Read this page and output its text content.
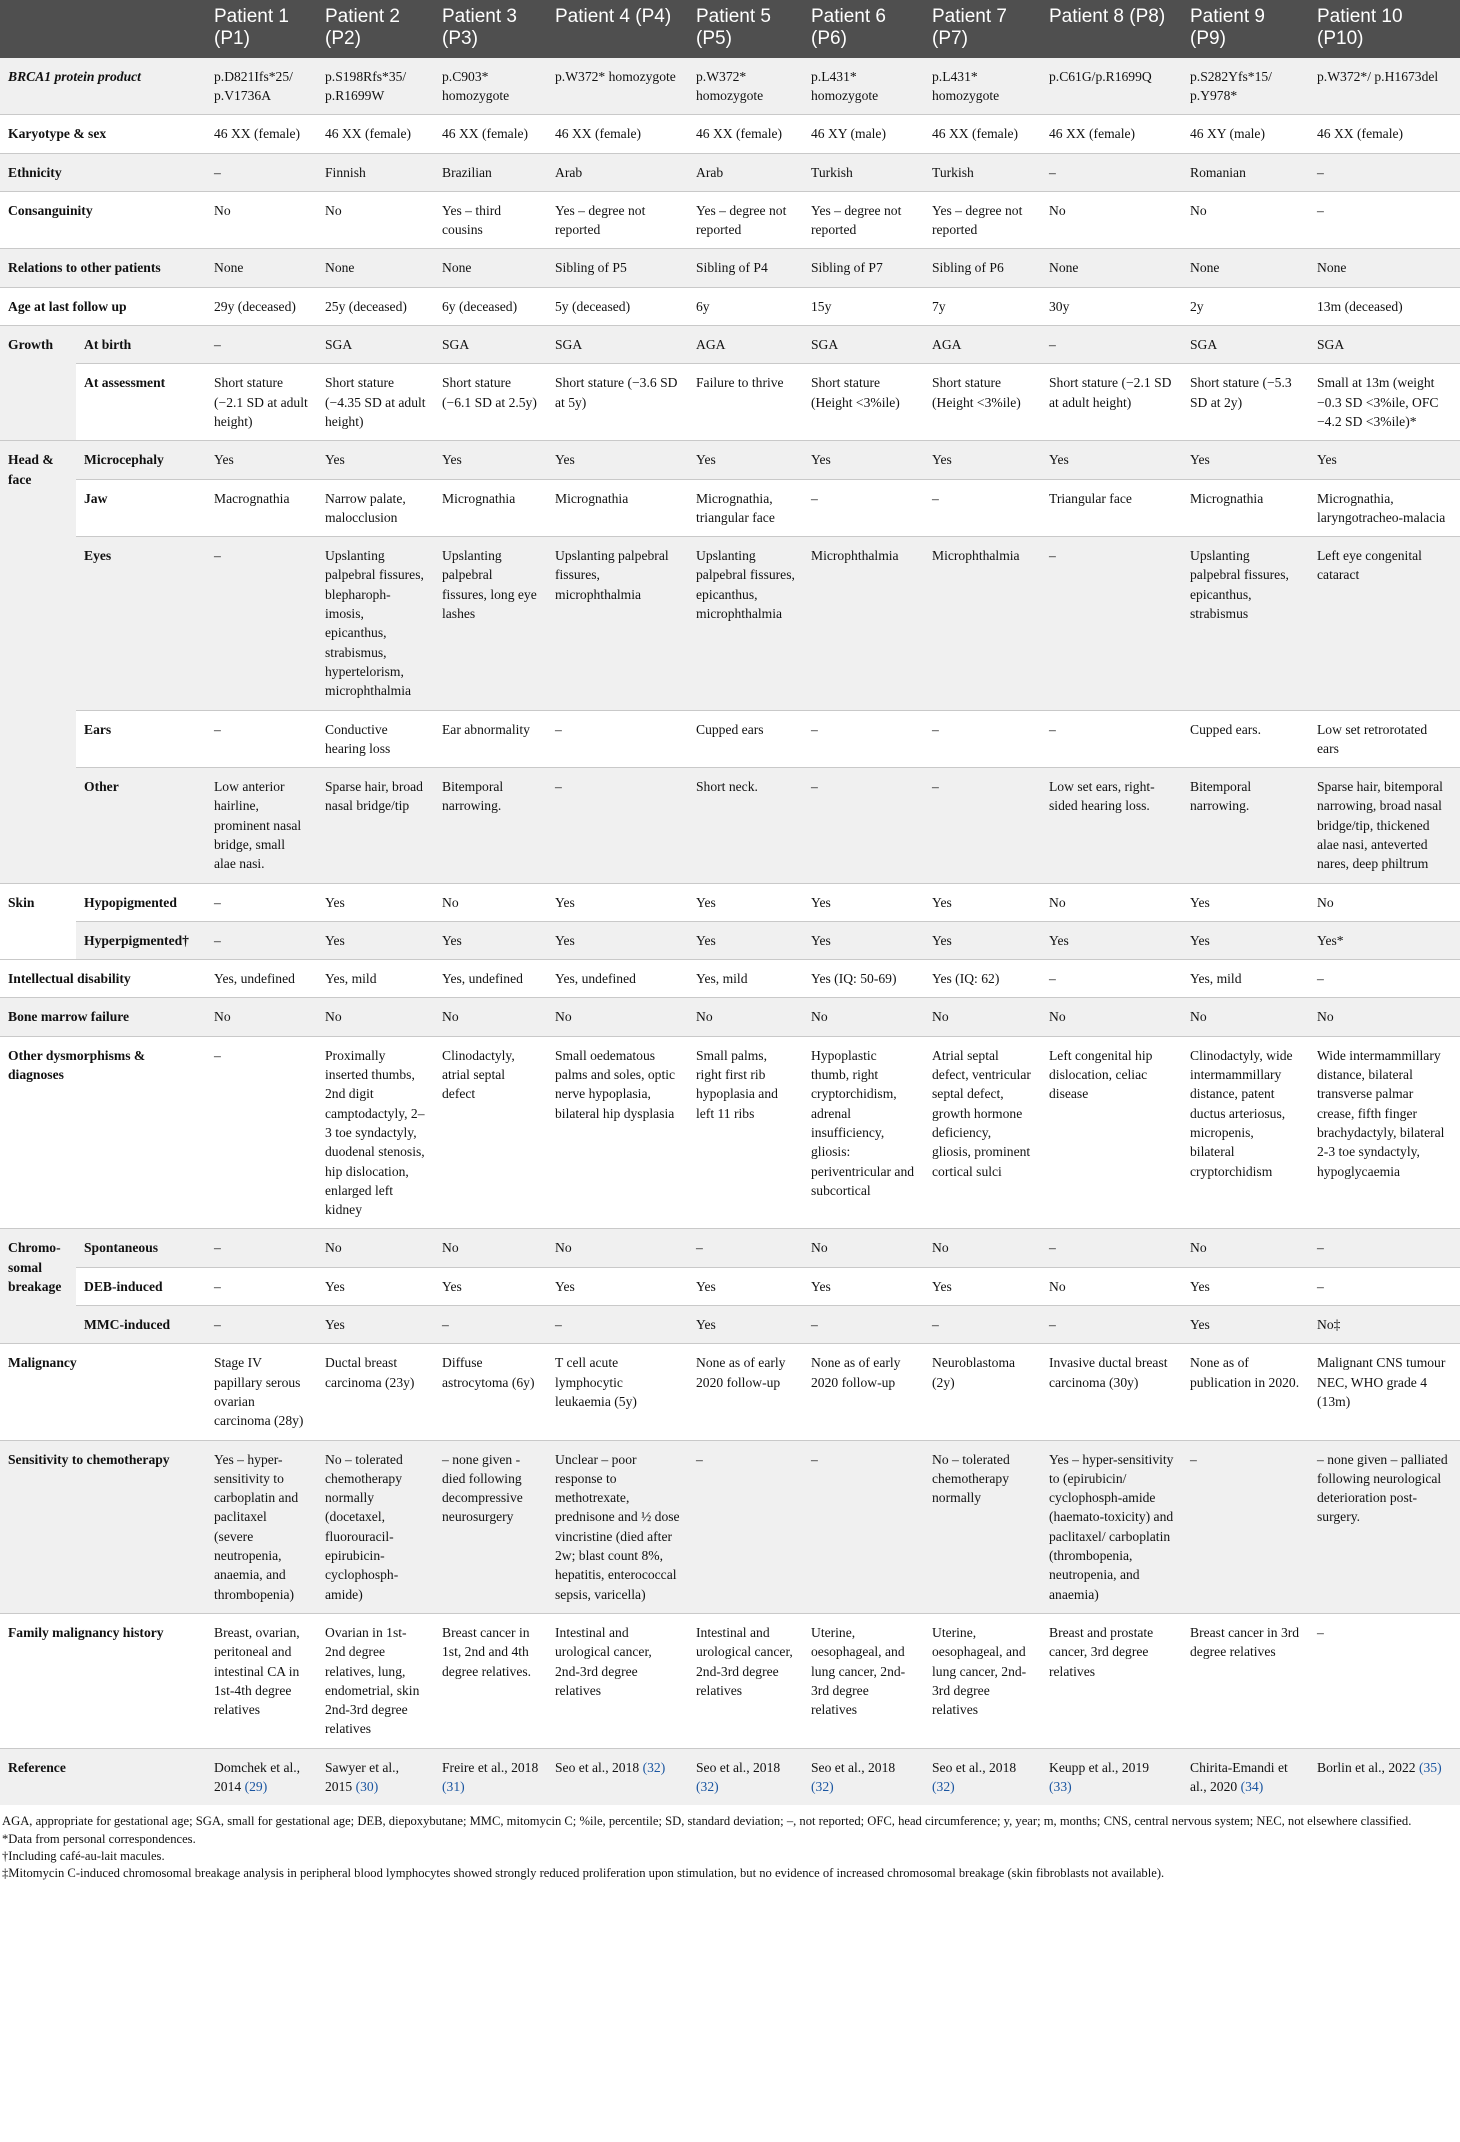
		Patient 1 (P1)	Patient 2 (P2)	Patient 3 (P3)	Patient 4 (P4)	Patient 5 (P5)	Patient 6 (P6)	Patient 7 (P7)	Patient 8 (P8)	Patient 9 (P9)	Patient 10 (P10)
BRCA1 protein product		p.D821Ifs*25/ p.V1736A	p.S198Rfs*35/ p.R1699W	p.C903* homozygote	p.W372* homozygote	p.W372* homozygote	p.L431* homozygote	p.L431* homozygote	p.C61G/p.R1699Q	p.S282Yfs*15/ p.Y978*	p.W372*/ p.H1673del
Karyotype & sex		46 XX (female)	46 XX (female)	46 XX (female)	46 XX (female)	46 XX (female)	46 XY (male)	46 XX (female)	46 XX (female)	46 XY (male)	46 XX (female)
Ethnicity		–	Finnish	Brazilian	Arab	Arab	Turkish	Turkish	–	Romanian	–
Consanguinity		No	No	Yes – third cousins	Yes – degree not reported	Yes – degree not reported	Yes – degree not reported	Yes – degree not reported	No	No	–
Relations to other patients		None	None	None	Sibling of P5	Sibling of P4	Sibling of P7	Sibling of P6	None	None	None
Age at last follow up		29y (deceased)	25y (deceased)	6y (deceased)	5y (deceased)	6y	15y	7y	30y	2y	13m (deceased)
Growth	At birth	–	SGA	SGA	SGA	AGA	SGA	AGA	–	SGA	SGA
	At assessment	Short stature (−2.1 SD at adult height)	Short stature (−4.35 SD at adult height)	Short stature (−6.1 SD at 2.5y)	Short stature (−3.6 SD at 5y)	Failure to thrive	Short stature (Height <3%ile)	Short stature (Height <3%ile)	Short stature (−2.1 SD at adult height)	Short stature (−5.3 SD at 2y)	Small at 13m (weight −0.3 SD <3%ile, OFC −4.2 SD <3%ile)*
Head & face	Microcephaly	Yes	Yes	Yes	Yes	Yes	Yes	Yes	Yes	Yes	Yes
	Jaw	Macrognathia	Narrow palate, malocclusion	Micrognathia	Micrognathia	Micrognathia, triangular face	–	–	Triangular face	Micrognathia	Micrognathia, laryngotracheo-malacia
	Eyes	–	Upslanting palpebral fissures, blepharoph-imosis, epicanthus, strabismus, hypertelorism, microphthalmia	Upslanting palpebral fissures, long eye lashes	Upslanting palpebral fissures, microphthalmia	Upslanting palpebral fissures, epicanthus, microphthalmia	Microphthalmia	Microphthalmia	–	Upslanting palpebral fissures, epicanthus, strabismus	Left eye congenital cataract
	Ears	–	Conductive hearing loss	Ear abnormality	–	Cupped ears	–	–	–	Cupped ears.	Low set retrorotated ears
	Other	Low anterior hairline, prominent nasal bridge, small alae nasi.	Sparse hair, broad nasal bridge/tip	Bitemporal narrowing.	–	Short neck.	–	–	Low set ears, right-sided hearing loss.	Bitemporal narrowing.	Sparse hair, bitemporal narrowing, broad nasal bridge/tip, thickened alae nasi, anteverted nares, deep philtrum
Skin	Hypopigmented	–	Yes	No	Yes	Yes	Yes	Yes	No	Yes	No
	Hyperpigmented†	–	Yes	Yes	Yes	Yes	Yes	Yes	Yes	Yes	Yes*
Intellectual disability		Yes, undefined	Yes, mild	Yes, undefined	Yes, undefined	Yes, mild	Yes (IQ: 50-69)	Yes (IQ: 62)	–	Yes, mild	–
Bone marrow failure		No	No	No	No	No	No	No	No	No	No
Other dysmorphisms & diagnoses		–	Proximally inserted thumbs, 2nd digit camptodactyly, 2–3 toe syndactyly, duodenal stenosis, hip dislocation, enlarged left kidney	Clinodactyly, atrial septal defect	Small oedematous palms and soles, optic nerve hypoplasia, bilateral hip dysplasia	Small palms, right first rib hypoplasia and left 11 ribs	Hypoplastic thumb, right cryptorchidism, adrenal insufficiency, gliosis: periventricular and subcortical	Atrial septal defect, ventricular septal defect, growth hormone deficiency, gliosis, prominent cortical sulci	Left congenital hip dislocation, celiac disease	Clinodactyly, wide intermammillary distance, patent ductus arteriosus, micropenis, bilateral cryptorchidism	Wide intermammillary distance, bilateral transverse palmar crease, fifth finger brachydactyly, bilateral 2-3 toe syndactyly, hypoglycaemia
Chromo-somal breakage	Spontaneous	–	No	No	No	–	No	No	–	No	–
	DEB-induced	–	Yes	Yes	Yes	Yes	Yes	Yes	No	Yes	–
	MMC-induced	–	Yes	–	–	Yes	–	–	–	Yes	No‡
Malignancy		Stage IV papillary serous ovarian carcinoma (28y)	Ductal breast carcinoma (23y)	Diffuse astrocytoma (6y)	T cell acute lymphocytic leukaemia (5y)	None as of early 2020 follow-up	None as of early 2020 follow-up	Neuroblastoma (2y)	Invasive ductal breast carcinoma (30y)	None as of publication in 2020.	Malignant CNS tumour NEC, WHO grade 4 (13m)
Sensitivity to chemotherapy		Yes – hyper-sensitivity to carboplatin and paclitaxel (severe neutropenia, anaemia, and thrombopenia)	No – tolerated chemotherapy normally (docetaxel, fluorouracil-epirubicin-cyclophosph-amide)	– none given - died following decompressive neurosurgery	Unclear – poor response to methotrexate, prednisone and ½ dose vincristine (died after 2w; blast count 8%, hepatitis, enterococcal sepsis, varicella)	–	–	No – tolerated chemotherapy normally	Yes – hyper-sensitivity to (epirubicin/ cyclophosph-amide (haemato-toxicity) and paclitaxel/ carboplatin (thrombopenia, neutropenia, and anaemia)	–	– none given – palliated following neurological deterioration post-surgery.
Family malignancy history		Breast, ovarian, peritoneal and intestinal CA in 1st-4th degree relatives	Ovarian in 1st-2nd degree relatives, lung, endometrial, skin 2nd-3rd degree relatives	Breast cancer in 1st, 2nd and 4th degree relatives.	Intestinal and urological cancer, 2nd-3rd degree relatives	Intestinal and urological cancer, 2nd-3rd degree relatives	Uterine, oesophageal, and lung cancer, 2nd-3rd degree relatives	Uterine, oesophageal, and lung cancer, 2nd-3rd degree relatives	Breast and prostate cancer, 3rd degree relatives	Breast cancer in 3rd degree relatives	–
Reference		Domchek et al., 2014 (29)	Sawyer et al., 2015 (30)	Freire et al., 2018 (31)	Seo et al., 2018 (32)	Seo et al., 2018 (32)	Seo et al., 2018 (32)	Seo et al., 2018 (32)	Keupp et al., 2019 (33)	Chirita-Emandi et al., 2020 (34)	Borlin et al., 2022 (35)
AGA, appropriate for gestational age; SGA, small for gestational age; DEB, diepoxybutane; MMC, mitomycin C; %ile, percentile; SD, standard deviation; –, not reported; OFC, head circumference; y, year; m, months; CNS, central nervous system; NEC, not elsewhere classified.
*Data from personal correspondences.
†Including café-au-lait macules.
‡Mitomycin C-induced chromosomal breakage analysis in peripheral blood lymphocytes showed strongly reduced proliferation upon stimulation, but no evidence of increased chromosomal breakage (skin fibroblasts not available).
